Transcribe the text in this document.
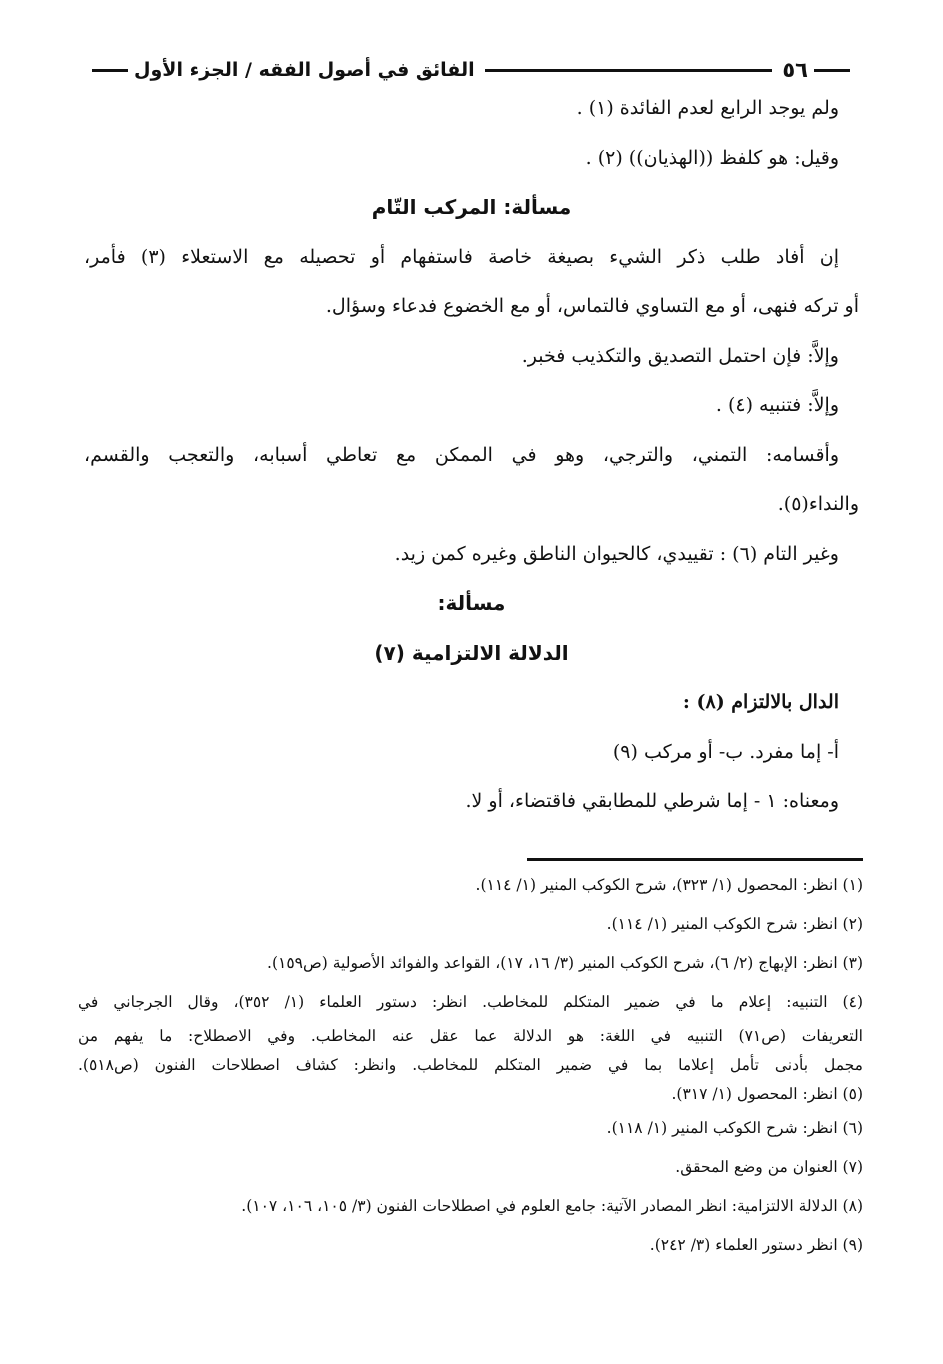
٥٦
الفائق في أصول الفقه / الجزء الأول
ولم يوجد الرابع لعدم الفائدة (١) .
وقيل: هو كلفظ ((الهذيان)) (٢) .
مسألة: المركب التّام
إن أفاد طلب ذكر الشيء بصيغة خاصة فاستفهام أو تحصيله مع الاستعلاء (٣) فأمر،
أو تركه فنهى، أو مع التساوي فالتماس، أو مع الخضوع فدعاء وسؤال.
وإلاَّ: فإن احتمل التصديق والتكذيب فخبر.
وإلاَّ: فتنبيه (٤) .
وأقسامه: التمني، والترجي، وهو في الممكن مع تعاطي أسبابه، والتعجب والقسم،
والنداء(٥).
وغير التام (٦) : تقييدي، كالحيوان الناطق وغيره كمن زيد.
مسألة:
الدلالة الالتزامية (٧)
الدال بالالتزام (٨) :
أ- إما مفرد. ب- أو مركب (٩)
ومعناه: ١ - إما شرطي للمطابقي فاقتضاء، أو لا.
(١) انظر: المحصول (١/ ٣٢٣)، شرح الكوكب المنير (١/ ١١٤).
(٢) انظر: شرح الكوكب المنير (١/ ١١٤).
(٣) انظر: الإبهاج (٢/ ٦)، شرح الكوكب المنير (٣/ ١٦، ١٧)، القواعد والفوائد الأصولية (ص١٥٩).
(٤) التنبيه: إعلام ما في ضمير المتكلم للمخاطب. انظر: دستور العلماء (١/ ٣٥٢)، وقال الجرجاني في
التعريفات (ص٧١) التنبيه في اللغة: هو الدلالة عما عقل عنه المخاطب. وفي الاصطلاح: ما يفهم من
مجمل بأدنى تأمل إعلاما بما في ضمير المتكلم للمخاطب. وانظر: كشاف اصطلاحات الفنون (ص٥١٨).
(٥) انظر: المحصول (١/ ٣١٧).
(٦) انظر: شرح الكوكب المنير (١/ ١١٨).
(٧) العنوان من وضع المحقق.
(٨) الدلالة الالتزامية: انظر المصادر الآتية: جامع العلوم في اصطلاحات الفنون (٣/ ١٠٥، ١٠٦، ١٠٧).
(٩) انظر دستور العلماء (٣/ ٢٤٢).
